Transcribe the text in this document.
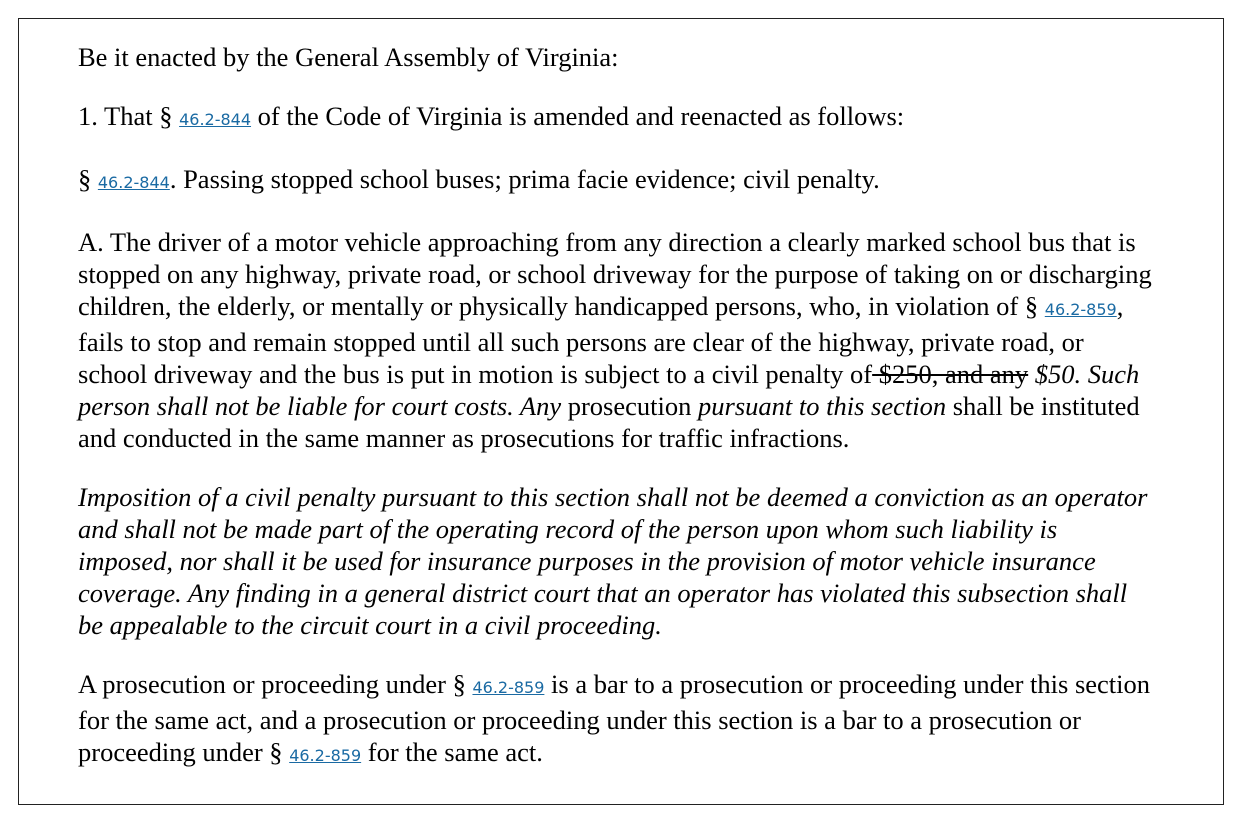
Be it enacted by the General Assembly of Virginia:

1. That § 46.2-844 of the Code of Virginia is amended and reenacted as follows:

§ 46.2-844. Passing stopped school buses; prima facie evidence; civil penalty.

A. The driver of a motor vehicle approaching from any direction a clearly marked school bus that is stopped on any highway, private road, or school driveway for the purpose of taking on or discharging children, the elderly, or mentally or physically handicapped persons, who, in violation of § 46.2-859, fails to stop and remain stopped until all such persons are clear of the highway, private road, or school driveway and the bus is put in motion is subject to a civil penalty of $250, and any $50. Such person shall not be liable for court costs. Any prosecution pursuant to this section shall be instituted and conducted in the same manner as prosecutions for traffic infractions.

Imposition of a civil penalty pursuant to this section shall not be deemed a conviction as an operator and shall not be made part of the operating record of the person upon whom such liability is imposed, nor shall it be used for insurance purposes in the provision of motor vehicle insurance coverage. Any finding in a general district court that an operator has violated this subsection shall be appealable to the circuit court in a civil proceeding.

A prosecution or proceeding under § 46.2-859 is a bar to a prosecution or proceeding under this section for the same act, and a prosecution or proceeding under this section is a bar to a prosecution or proceeding under § 46.2-859 for the same act.
